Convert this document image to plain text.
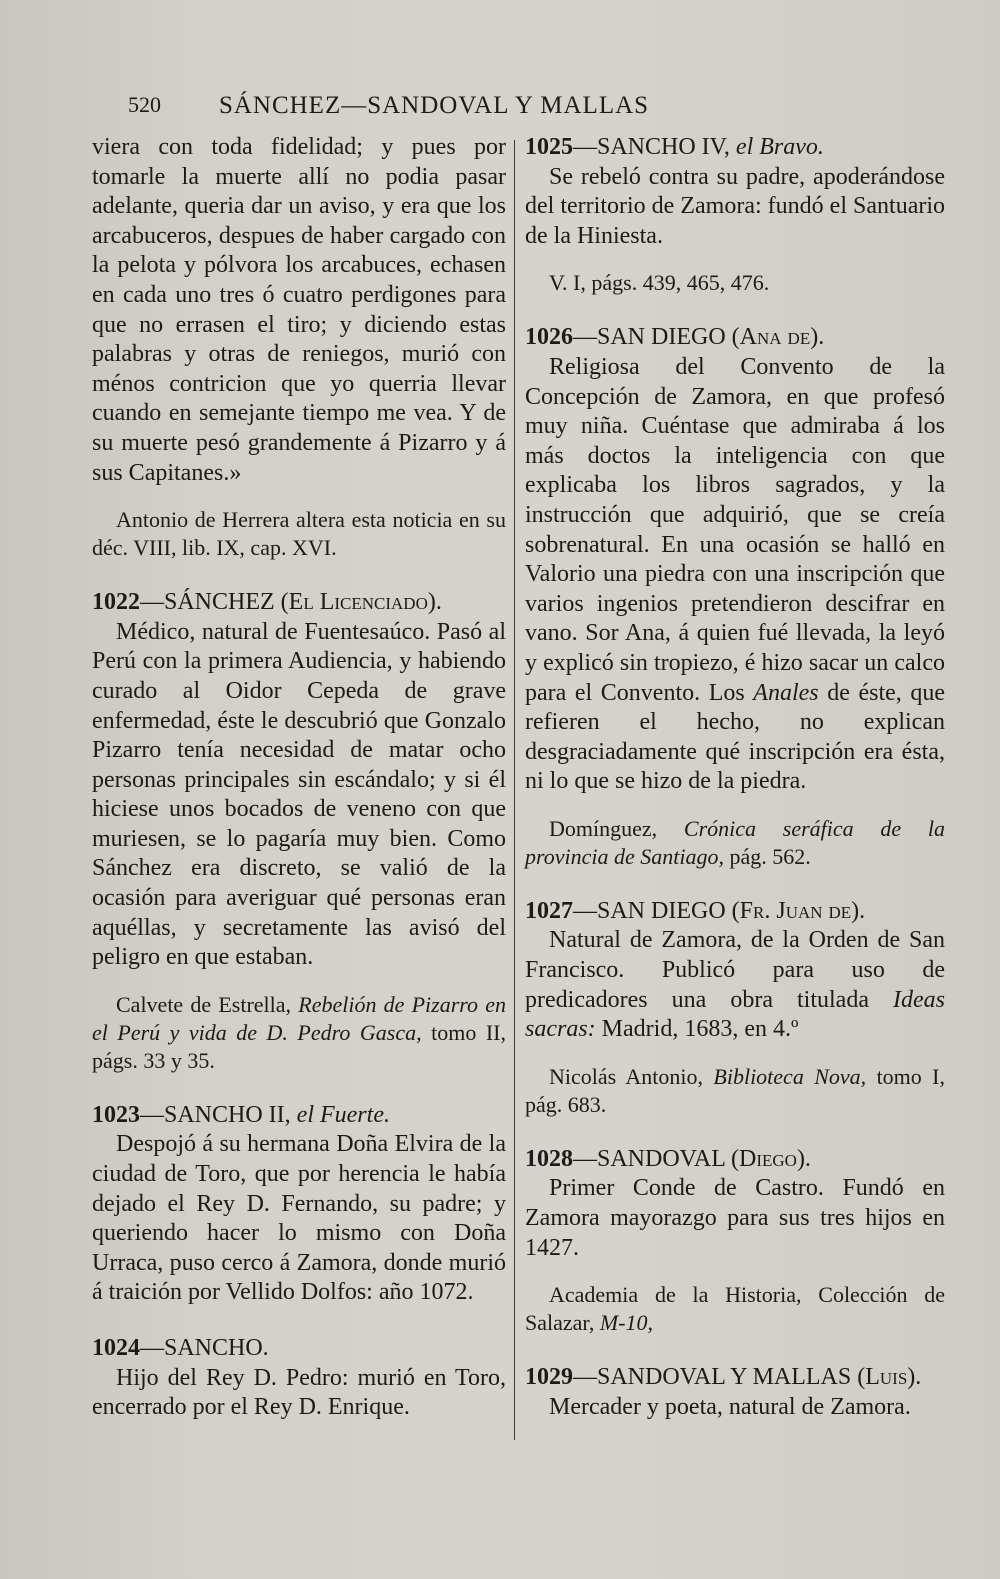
520	SÁNCHEZ—SANDOVAL Y MALLAS

viera con toda fidelidad; y pues por tomarle la muerte allí no podia pasar adelante, queria dar un aviso, y era que los arcabuceros, despues de haber cargado con la pelota y pólvora los arcabuces, echasen en cada uno tres ó cuatro perdigones para que no errasen el tiro; y diciendo estas palabras y otras de reniegos, murió con ménos contricion que yo querria llevar cuando en semejante tiempo me vea. Y de su muerte pesó grandemente á Pizarro y á sus Capitanes.»

Antonio de Herrera altera esta noticia en su déc. VIII, lib. IX, cap. XVI.

1022—SÁNCHEZ (El Licenciado).

Médico, natural de Fuentesaúco. Pasó al Perú con la primera Audiencia, y habiendo curado al Oidor Cepeda de grave enfermedad, éste le descubrió que Gonzalo Pizarro tenía necesidad de matar ocho personas principales sin escándalo; y si él hiciese unos bocados de veneno con que muriesen, se lo pagaría muy bien. Como Sánchez era discreto, se valió de la ocasión para averiguar qué personas eran aquéllas, y secretamente las avisó del peligro en que estaban.

Calvete de Estrella, Rebelión de Pizarro en el Perú y vida de D. Pedro Gasca, tomo II, págs. 33 y 35.

1023—SANCHO II, el Fuerte.

Despojó á su hermana Doña Elvira de la ciudad de Toro, que por herencia le había dejado el Rey D. Fernando, su padre; y queriendo hacer lo mismo con Doña Urraca, puso cerco á Zamora, donde murió á traición por Vellido Dolfos: año 1072.

1024—SANCHO.

Hijo del Rey D. Pedro: murió en Toro, encerrado por el Rey D. Enrique.

1025—SANCHO IV, el Bravo.

Se rebeló contra su padre, apoderándose del territorio de Zamora: fundó el Santuario de la Hiniesta.

V. I, págs. 439, 465, 476.

1026—SAN DIEGO (Ana de).

Religiosa del Convento de la Concepción de Zamora, en que profesó muy niña. Cuéntase que admiraba á los más doctos la inteligencia con que explicaba los libros sagrados, y la instrucción que adquirió, que se creía sobrenatural. En una ocasión se halló en Valorio una piedra con una inscripción que varios ingenios pretendieron descifrar en vano. Sor Ana, á quien fué llevada, la leyó y explicó sin tropiezo, é hizo sacar un calco para el Convento. Los Anales de éste, que refieren el hecho, no explican desgraciadamente qué inscripción era ésta, ni lo que se hizo de la piedra.

Domínguez, Crónica seráfica de la provincia de Santiago, pág. 562.

1027—SAN DIEGO (Fr. Juan de).

Natural de Zamora, de la Orden de San Francisco. Publicó para uso de predicadores una obra titulada Ideas sacras: Madrid, 1683, en 4.º

Nicolás Antonio, Biblioteca Nova, tomo I, pág. 683.

1028—SANDOVAL (Diego).

Primer Conde de Castro. Fundó en Zamora mayorazgo para sus tres hijos en 1427.

Academia de la Historia, Colección de Salazar, M-10,

1029—SANDOVAL Y MALLAS (Luis).

Mercader y poeta, natural de Zamora.
